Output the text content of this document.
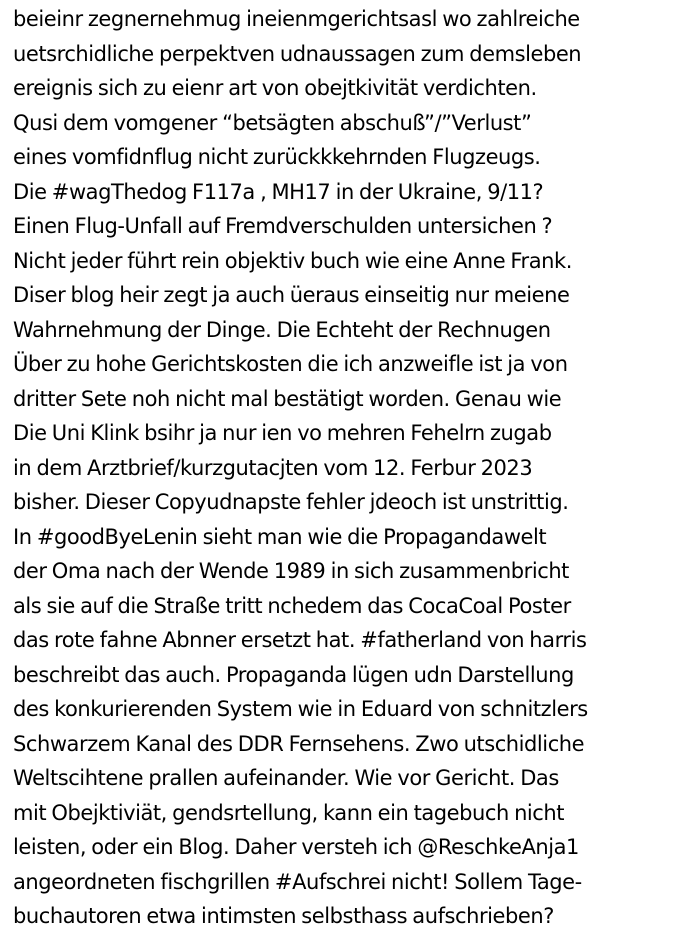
beieinr zegnernehmug ineienmgerichtsasl wo zahlreiche
uetsrchidliche perpektven udnaussagen zum demsleben
ereignis sich zu eienr art von obejtkivität verdichten.
Qusi dem vomgener “betsägten abschuß”/”Verlust”
eines vomfidnflug nicht zurückkkehrnden Flugzeugs.
Die #wagThedog F117a , MH17 in der Ukraine, 9/11?
Einen Flug-Unfall auf Fremdverschulden untersichen ?
Nicht jeder führt rein objektiv buch wie eine Anne Frank.
Diser blog heir zegt ja auch üeraus einseitig nur meiene
Wahrnehmung der Dinge. Die Echteht der Rechnugen
Über zu hohe Gerichtskosten die ich anzweifle ist ja von
dritter Sete noh nicht mal bestätigt worden. Genau wie
Die Uni Klink bsihr ja nur ien vo mehren Fehelrn zugab
in dem Arztbrief/kurzgutacjten vom 12. Ferbur 2023
bisher. Dieser Copyudnapste fehler jdeoch ist unstrittig.
In #goodByeLenin sieht man wie die Propagandawelt
der Oma nach der Wende 1989 in sich zusammenbricht
als sie auf die Straße tritt nchedem das CocaCoal Poster
das rote fahne Abnner ersetzt hat. #fatherland von harris
beschreibt das auch. Propaganda lügen udn Darstellung
des konkurierenden System wie in Eduard von schnitzlers
Schwarzem Kanal des DDR Fernsehens. Zwo utschidliche
Weltscihtene prallen aufeinander. Wie vor Gericht. Das
mit Obejktiviät, gendsrtellung, kann ein tagebuch nicht
leisten, oder ein Blog. Daher versteh ich @ReschkeAnja1
angeordneten fischgrillen #Aufschrei nicht! Sollem Tage-
buchautoren etwa intimsten selbsthass aufschrieben?
